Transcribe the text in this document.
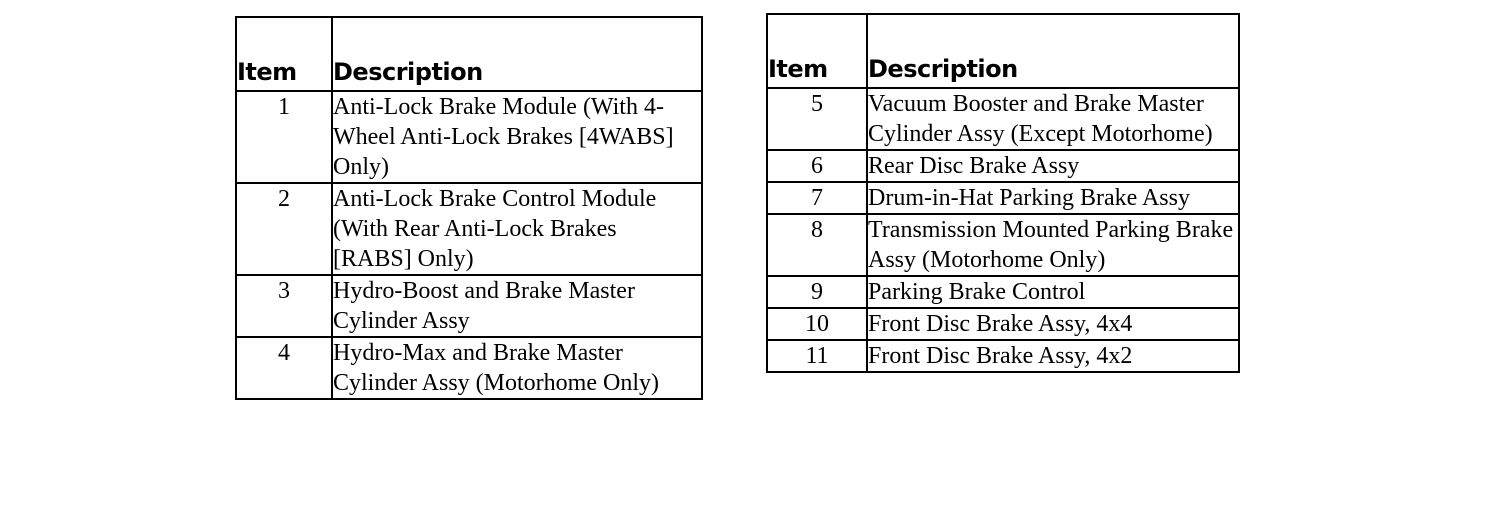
Item	Description
1	Anti-Lock Brake Module (With 4-Wheel Anti-Lock Brakes [4WABS] Only)
2	Anti-Lock Brake Control Module (With Rear Anti-Lock Brakes [RABS] Only)
3	Hydro-Boost and Brake Master Cylinder Assy
4	Hydro-Max and Brake Master Cylinder Assy (Motorhome Only)
Item	Description
5	Vacuum Booster and Brake Master Cylinder Assy (Except Motorhome)
6	Rear Disc Brake Assy
7	Drum-in-Hat Parking Brake Assy
8	Transmission Mounted Parking Brake Assy (Motorhome Only)
9	Parking Brake Control
10	Front Disc Brake Assy, 4x4
11	Front Disc Brake Assy, 4x2
